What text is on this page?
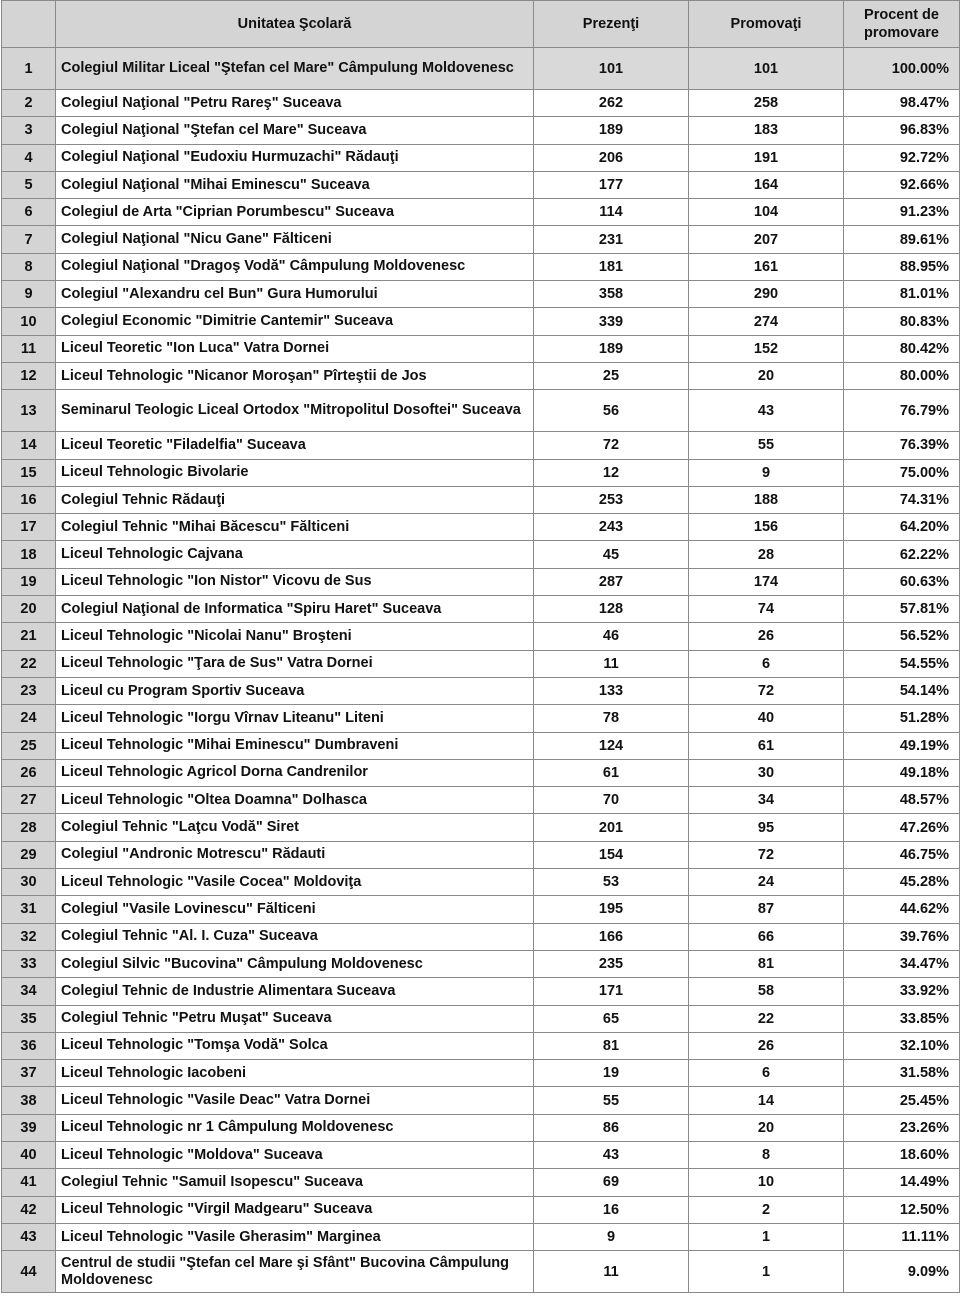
	Unitatea Şcolară	Prezenţi	Promovaţi	Procent de promovare
1	Colegiul Militar Liceal "Ştefan cel Mare" Câmpulung Moldovenesc	101	101	100.00%
2	Colegiul Naţional "Petru Rareş" Suceava	262	258	98.47%
3	Colegiul Naţional "Ştefan cel Mare" Suceava	189	183	96.83%
4	Colegiul Naţional "Eudoxiu Hurmuzachi" Rădauţi	206	191	92.72%
5	Colegiul Naţional "Mihai Eminescu" Suceava	177	164	92.66%
6	Colegiul de Arta "Ciprian Porumbescu" Suceava	114	104	91.23%
7	Colegiul Naţional "Nicu Gane" Fălticeni	231	207	89.61%
8	Colegiul Naţional "Dragoş Vodă" Câmpulung Moldovenesc	181	161	88.95%
9	Colegiul "Alexandru cel Bun" Gura Humorului	358	290	81.01%
10	Colegiul Economic "Dimitrie Cantemir" Suceava	339	274	80.83%
11	Liceul Teoretic "Ion Luca" Vatra Dornei	189	152	80.42%
12	Liceul Tehnologic "Nicanor Moroşan" Pîrteştii de Jos	25	20	80.00%
13	Seminarul Teologic Liceal Ortodox "Mitropolitul Dosoftei" Suceava	56	43	76.79%
14	Liceul Teoretic "Filadelfia" Suceava	72	55	76.39%
15	Liceul Tehnologic Bivolarie	12	9	75.00%
16	Colegiul Tehnic Rădauţi	253	188	74.31%
17	Colegiul Tehnic "Mihai Băcescu" Fălticeni	243	156	64.20%
18	Liceul Tehnologic Cajvana	45	28	62.22%
19	Liceul Tehnologic "Ion Nistor" Vicovu de Sus	287	174	60.63%
20	Colegiul Naţional de Informatica "Spiru Haret" Suceava	128	74	57.81%
21	Liceul Tehnologic "Nicolai Nanu" Broşteni	46	26	56.52%
22	Liceul Tehnologic "Ţara de Sus" Vatra Dornei	11	6	54.55%
23	Liceul cu Program Sportiv Suceava	133	72	54.14%
24	Liceul Tehnologic "Iorgu Vîrnav Liteanu" Liteni	78	40	51.28%
25	Liceul Tehnologic "Mihai Eminescu" Dumbraveni	124	61	49.19%
26	Liceul Tehnologic Agricol Dorna Candrenilor	61	30	49.18%
27	Liceul Tehnologic "Oltea Doamna" Dolhasca	70	34	48.57%
28	Colegiul Tehnic "Laţcu Vodă" Siret	201	95	47.26%
29	Colegiul "Andronic Motrescu" Rădauti	154	72	46.75%
30	Liceul Tehnologic "Vasile Cocea" Moldoviţa	53	24	45.28%
31	Colegiul "Vasile Lovinescu" Fălticeni	195	87	44.62%
32	Colegiul Tehnic "Al. I. Cuza" Suceava	166	66	39.76%
33	Colegiul Silvic "Bucovina" Câmpulung Moldovenesc	235	81	34.47%
34	Colegiul Tehnic de Industrie Alimentara Suceava	171	58	33.92%
35	Colegiul Tehnic "Petru Muşat" Suceava	65	22	33.85%
36	Liceul Tehnologic "Tomşa Vodă" Solca	81	26	32.10%
37	Liceul Tehnologic Iacobeni	19	6	31.58%
38	Liceul Tehnologic "Vasile Deac" Vatra Dornei	55	14	25.45%
39	Liceul Tehnologic nr 1 Câmpulung Moldovenesc	86	20	23.26%
40	Liceul Tehnologic "Moldova" Suceava	43	8	18.60%
41	Colegiul Tehnic "Samuil Isopescu" Suceava	69	10	14.49%
42	Liceul Tehnologic "Virgil Madgearu" Suceava	16	2	12.50%
43	Liceul Tehnologic "Vasile Gherasim" Marginea	9	1	11.11%
44	Centrul de studii "Ştefan cel Mare şi Sfânt" Bucovina Câmpulung Moldovenesc	11	1	9.09%
